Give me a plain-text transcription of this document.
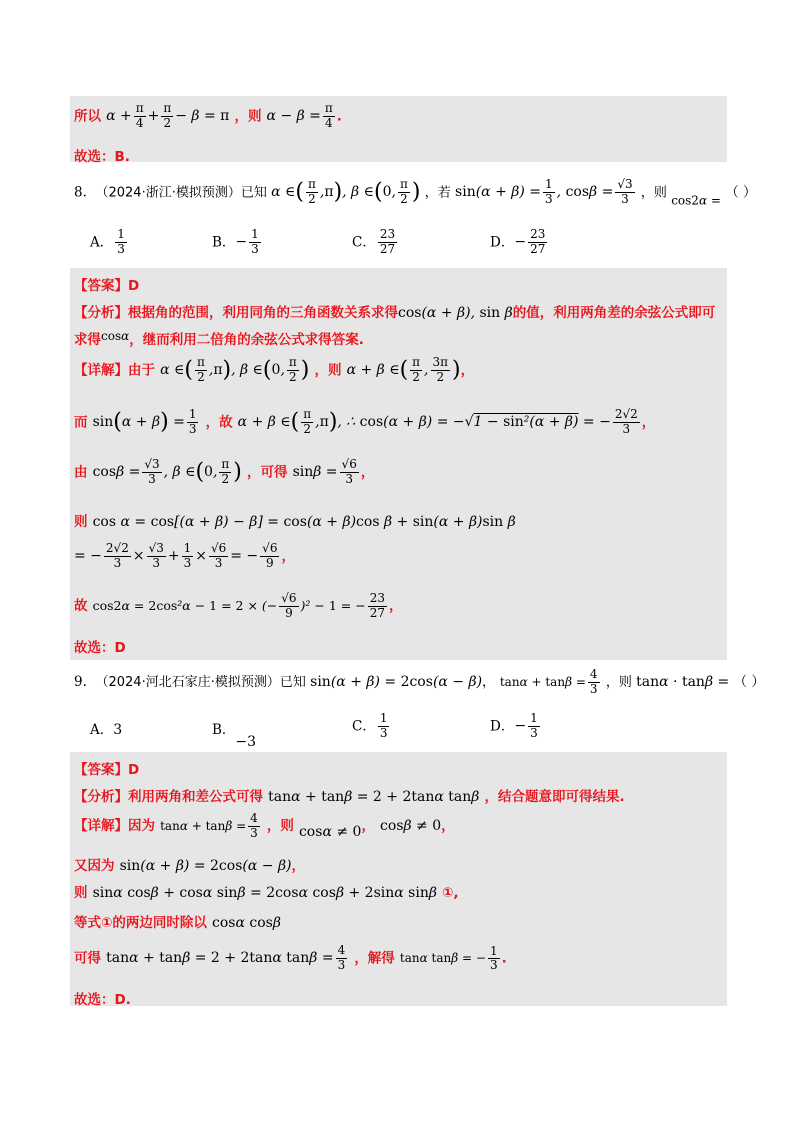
所以 $\alpha + \frac{\pi}{4} + \frac{\pi}{2} - \beta = \pi$ ，则 $\alpha - \beta = \frac{\pi}{4}$ .
故选：B.
8. （2024·浙江·模拟预测）已知 α ∈( $\frac{\pi}{2} ,\pi$), β ∈(0, $\frac{\pi}{2}$ ) ，若 $\sin(\alpha + \beta) = \frac{1}{3}$ , $\cos\beta = \frac{√3}{3}$ ，则 cos2α = （ ）
A． $\frac{1}{3}$	B．− $\frac{1}{3}$	C． $\frac{23}{27}$	D．− $\frac{23}{27}$
【答案】D
【分析】根据角的范围，利用同角的三角函数关系求得cos(α + β), sin β的值，利用两角差的余弦公式即可
求得$^{cos\alpha}$，继而利用二倍角的余弦公式求得答案.
【详解】由于 α ∈( $\frac{\pi}{2} ,\pi$), β ∈(0, $\frac{\pi}{2}$ ) ，则 α + β ∈( $\frac{\pi}{2}$ , $\frac{3\pi}{2}$ )，
而 $\sin(\alpha + \beta) = \frac{1}{3}$ ，故 α + β ∈( $\frac{\pi}{2} ,\pi$), ∴ cos(α + β) = −√1 − sin²(α + β) = − $\frac{2√2}{3}$ ，
由 $\cos\beta = \frac{√3}{3}$ , β ∈(0, $\frac{\pi}{2}$ ) ，可得 $\sin\beta = \frac{√6}{3}$ ，
则 cos α = cos[(α + β) − β] = cos(α + β)cos β + sin(α + β)sin β
= − $\frac{2√2}{3} \times \frac{√3}{3} + \frac{1}{3} \times \frac{√6}{3}$ = − $\frac{√6}{9}$ ，
故 cos2α = 2cos²α − 1 = 2 × (− $\frac{√6}{9} )^2 - 1$ = − $\frac{23}{27}$ ，
故选：D
9. （2024·河北石家庄·模拟预测）已知 sin(α + β) = 2cos(α − β)， $\tan\alpha + \tan\beta = \frac{4}{3}$ ，则 tanα · tanβ = （ ）
A．3	B．−3
C． $\frac{1}{3}$	D．− $\frac{1}{3}$
【答案】D
【分析】利用两角和差公式可得 tanα + tanβ = 2 + 2tanα tanβ ，结合题意即可得结果.
【详解】因为 $\tan\alpha + \tan\beta = \frac{4}{3}$ ，则 cosα ≠ 0， cosβ ≠ 0，
又因为 sin(α + β) = 2cos(α − β)，
则 sinα cosβ + cosα sinβ = 2cosα cosβ + 2sinα sinβ ①,
等式①的两边同时除以 cosα cosβ
可得 tanα + tanβ = 2 + 2tanα $\tan\beta = \frac{4}{3}$ ，解得 tanα tanβ = − $\frac{1}{3}$ .
故选：D.
